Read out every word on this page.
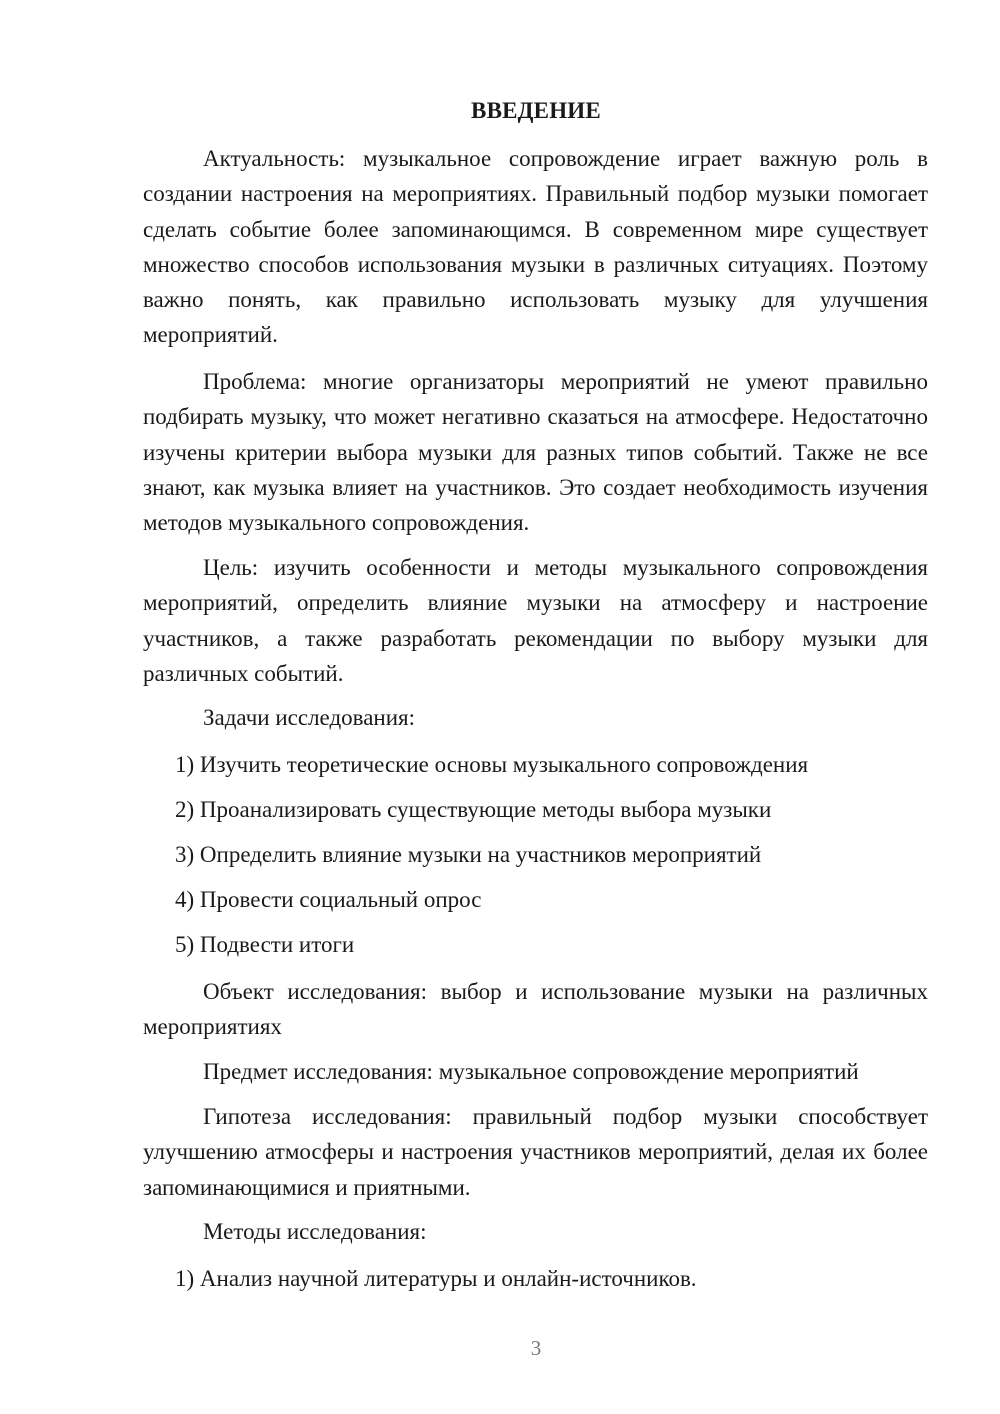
ВВЕДЕНИЕ

Актуальность: музыкальное сопровождение играет важную роль в создании настроения на мероприятиях. Правильный подбор музыки помогает сделать событие более запоминающимся. В современном мире существует множество способов использования музыки в различных ситуациях. Поэтому важно понять, как правильно использовать музыку для улучшения мероприятий.

Проблема: многие организаторы мероприятий не умеют правильно подбирать музыку, что может негативно сказаться на атмосфере. Недостаточно изучены критерии выбора музыки для разных типов событий. Также не все знают, как музыка влияет на участников. Это создает необходимость изучения методов музыкального сопровождения.

Цель: изучить особенности и методы музыкального сопровождения мероприятий, определить влияние музыки на атмосферу и настроение участников, а также разработать рекомендации по выбору музыки для различных событий.

Задачи исследования:
1) Изучить теоретические основы музыкального сопровождения
2) Проанализировать существующие методы выбора музыки
3) Определить влияние музыки на участников мероприятий
4) Провести социальный опрос
5) Подвести итоги

Объект исследования: выбор и использование музыки на различных мероприятиях

Предмет исследования: музыкальное сопровождение мероприятий

Гипотеза исследования: правильный подбор музыки способствует улучшению атмосферы и настроения участников мероприятий, делая их более запоминающимися и приятными.

Методы исследования:
1) Анализ научной литературы и онлайн-источников.
3
